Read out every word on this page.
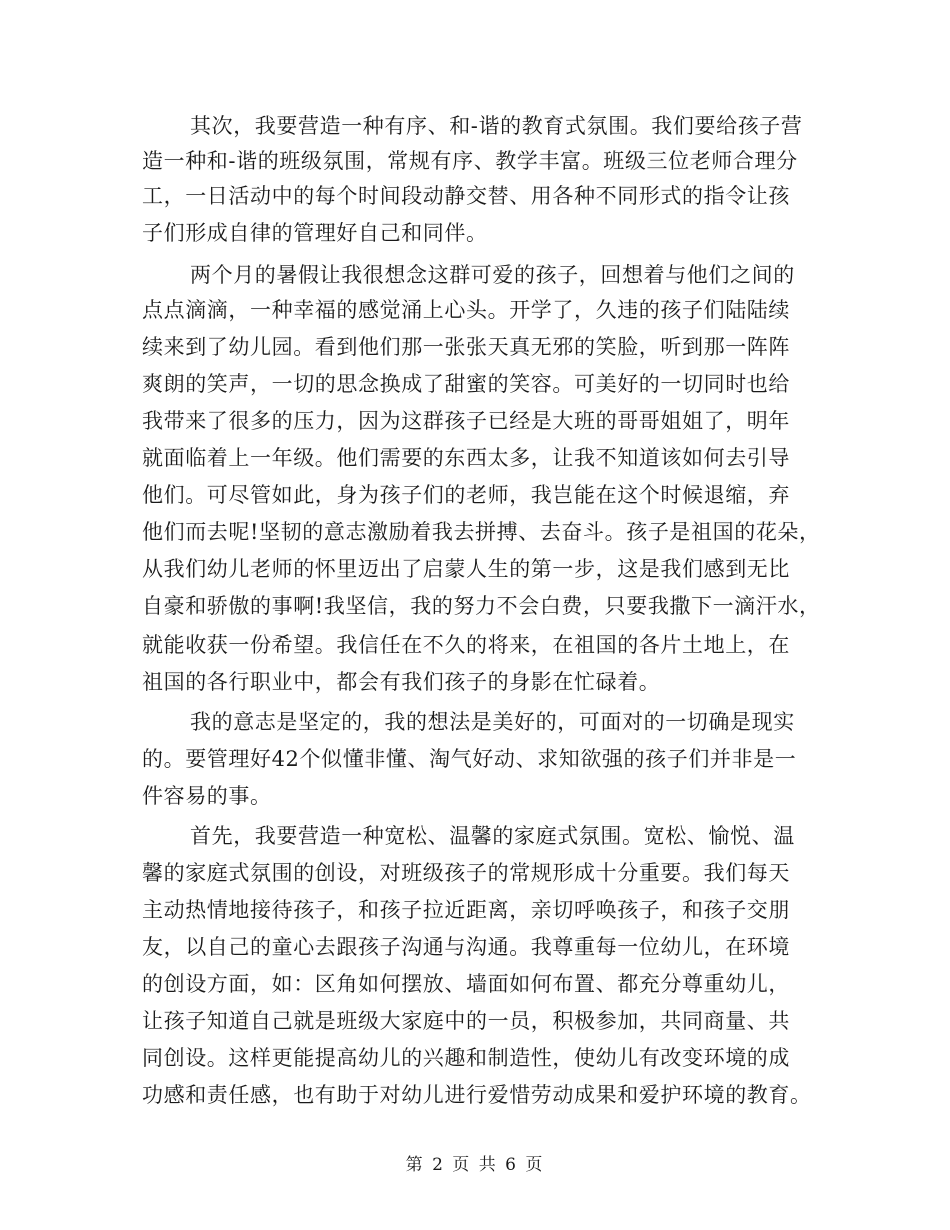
其次，我要营造一种有序、和-谐的教育式氛围。我们要给孩子营
造一种和-谐的班级氛围，常规有序、教学丰富。班级三位老师合理分
工，一日活动中的每个时间段动静交替、用各种不同形式的指令让孩
子们形成自律的管理好自己和同伴。
两个月的暑假让我很想念这群可爱的孩子，回想着与他们之间的
点点滴滴，一种幸福的感觉涌上心头。开学了，久违的孩子们陆陆续
续来到了幼儿园。看到他们那一张张天真无邪的笑脸，听到那一阵阵
爽朗的笑声，一切的思念换成了甜蜜的笑容。可美好的一切同时也给
我带来了很多的压力，因为这群孩子已经是大班的哥哥姐姐了，明年
就面临着上一年级。他们需要的东西太多，让我不知道该如何去引导
他们。可尽管如此，身为孩子们的老师，我岂能在这个时候退缩，弃
他们而去呢!坚韧的意志激励着我去拼搏、去奋斗。孩子是祖国的花朵，
从我们幼儿老师的怀里迈出了启蒙人生的第一步，这是我们感到无比
自豪和骄傲的事啊!我坚信，我的努力不会白费，只要我撒下一滴汗水，
就能收获一份希望。我信任在不久的将来，在祖国的各片土地上，在
祖国的各行职业中，都会有我们孩子的身影在忙碌着。
我的意志是坚定的，我的想法是美好的，可面对的一切确是现实
的。要管理好42个似懂非懂、淘气好动、求知欲强的孩子们并非是一
件容易的事。
首先，我要营造一种宽松、温馨的家庭式氛围。宽松、愉悦、温
馨的家庭式氛围的创设，对班级孩子的常规形成十分重要。我们每天
主动热情地接待孩子，和孩子拉近距离，亲切呼唤孩子，和孩子交朋
友，以自己的童心去跟孩子沟通与沟通。我尊重每一位幼儿，在环境
的创设方面，如：区角如何摆放、墙面如何布置、都充分尊重幼儿，
让孩子知道自己就是班级大家庭中的一员，积极参加，共同商量、共
同创设。这样更能提高幼儿的兴趣和制造性，使幼儿有改变环境的成
功感和责任感，也有助于对幼儿进行爱惜劳动成果和爱护环境的教育。
第 2 页 共 6 页
